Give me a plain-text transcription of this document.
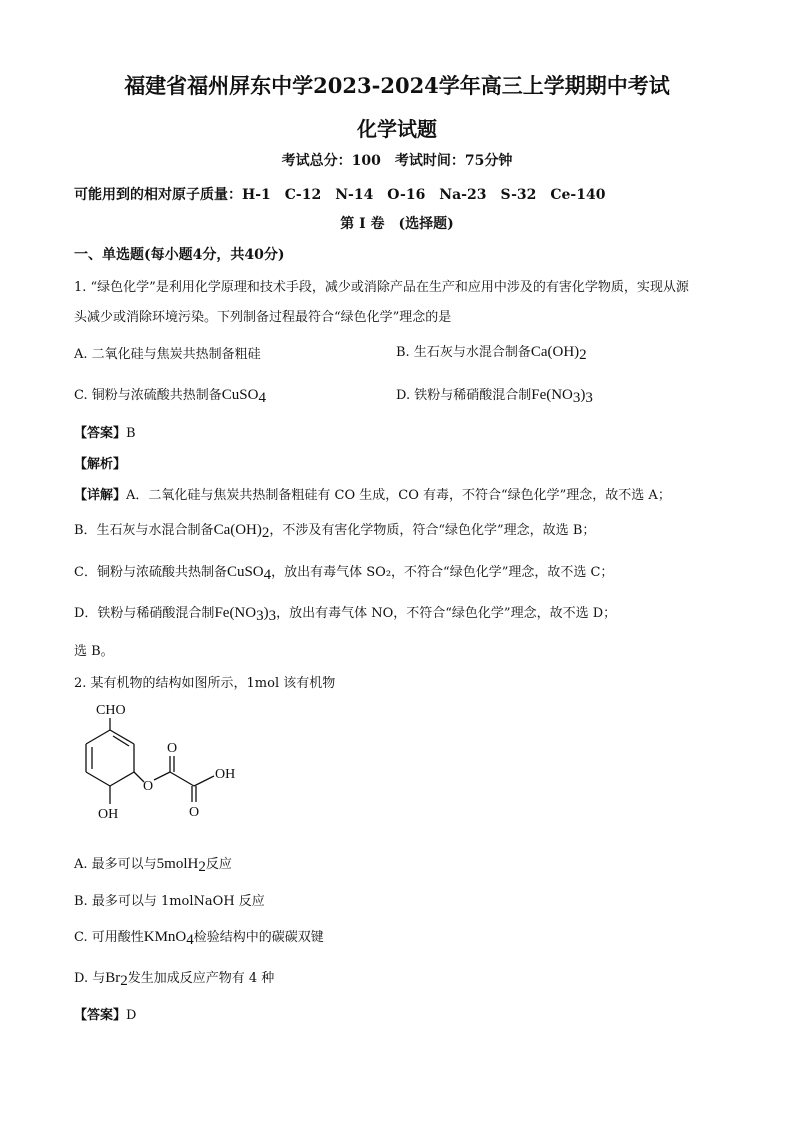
福建省福州屏东中学2023-2024学年高三上学期期中考试
化学试题
考试总分：100　考试时间：75分钟
可能用到的相对原子质量：H-1　C-12　N-14　O-16　Na-23　S-32　Ce-140
第 I 卷　(选择题)
一、单选题(每小题4分，共40分)
1. “绿色化学”是利用化学原理和技术手段，减少或消除产品在生产和应用中涉及的有害化学物质，实现从源
头减少或消除环境污染。下列制备过程最符合“绿色化学”理念的是
A. 二氧化硅与焦炭共热制备粗硅	B. 生石灰与水混合制备$Ca(OH)_2$
C. 铜粉与浓硫酸共热制备CuSO$_4$	D. 铁粉与稀硝酸混合制$Fe(NO_3)_3$
【答案】B
【解析】
【详解】A．二氧化硅与焦炭共热制备粗硅有 CO 生成，CO 有毒，不符合“绿色化学”理念，故不选 A；
B．生石灰与水混合制备$Ca(OH)_2$，不涉及有害化学物质，符合“绿色化学”理念，故选 B；
C．铜粉与浓硫酸共热制备CuSO$_4$，放出有毒气体 SO₂，不符合“绿色化学”理念，故不选 C；
D．铁粉与稀硝酸混合制$Fe(NO_3)_3$，放出有毒气体 NO，不符合“绿色化学”理念，故不选 D；
选 B。
2. 某有机物的结构如图所示，1mol 该有机物
CHO
O
OH
O
O
OH
A. 最多可以与5molH$_2$反应
B. 最多可以与 1molNaOH 反应
C. 可用酸性KMnO$_4$检验结构中的碳碳双键
D. 与$Br_2$发生加成反应产物有 4 种
【答案】D
